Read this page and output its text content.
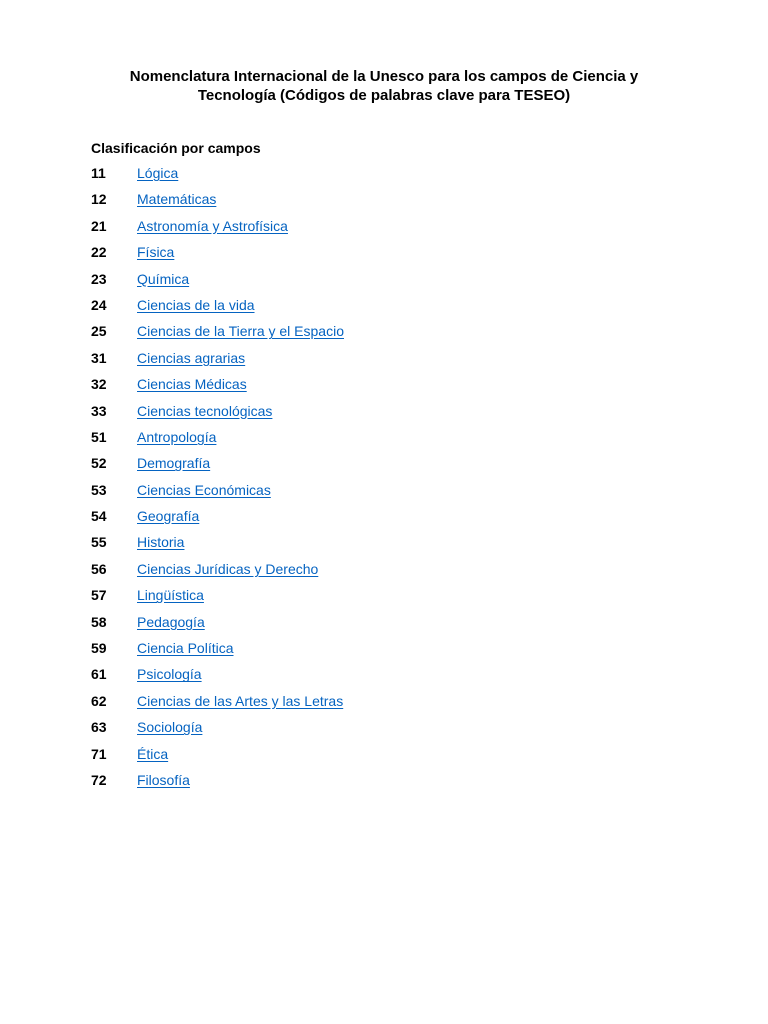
Nomenclatura Internacional de la Unesco para los campos de Ciencia y
Tecnología (Códigos de palabras clave para TESEO)
Clasificación por campos
11	Lógica
12	Matemáticas
21	Astronomía y Astrofísica
22	Física
23	Química
24	Ciencias de la vida
25	Ciencias de la Tierra y el Espacio
31	Ciencias agrarias
32	Ciencias Médicas
33	Ciencias tecnológicas
51	Antropología
52	Demografía
53	Ciencias Económicas
54	Geografía
55	Historia
56	Ciencias Jurídicas y Derecho
57	Lingüística
58	Pedagogía
59	Ciencia Política
61	Psicología
62	Ciencias de las Artes y las Letras
63	Sociología
71	Ética
72	Filosofía
